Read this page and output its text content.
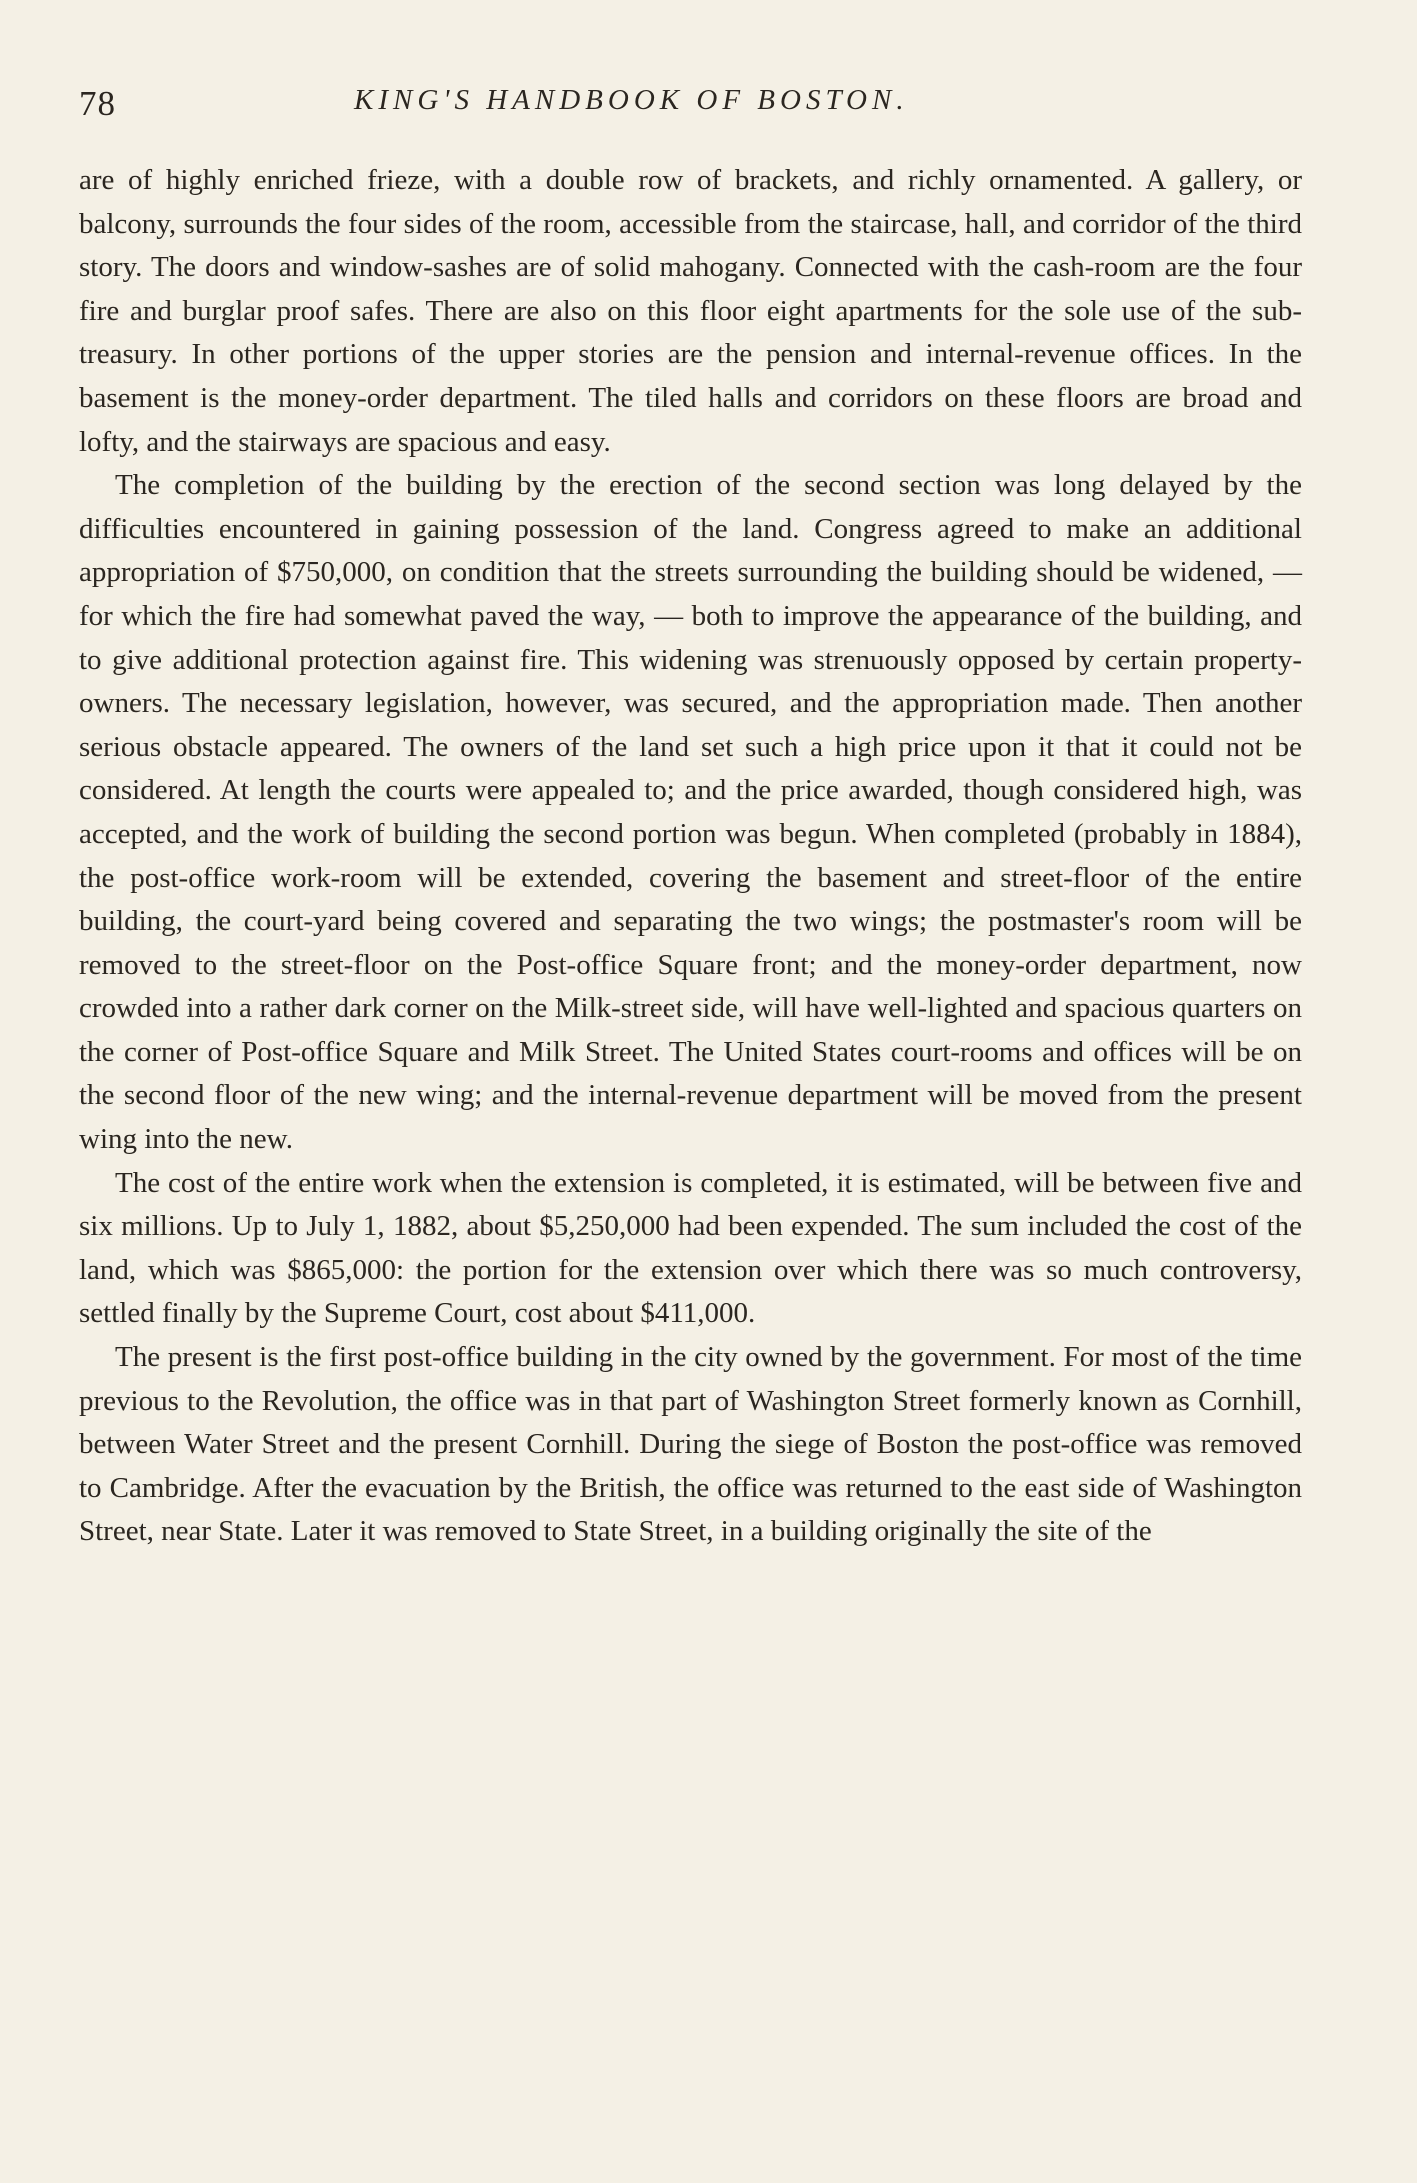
78	KING'S HANDBOOK OF BOSTON.

are of highly enriched frieze, with a double row of brackets, and richly ornamented. A gallery, or balcony, surrounds the four sides of the room, accessible from the staircase, hall, and corridor of the third story. The doors and window-sashes are of solid mahogany. Connected with the cash-room are the four fire and burglar proof safes. There are also on this floor eight apartments for the sole use of the sub-treasury. In other portions of the upper stories are the pension and internal-revenue offices. In the basement is the money-order department. The tiled halls and corridors on these floors are broad and lofty, and the stairways are spacious and easy.

The completion of the building by the erection of the second section was long delayed by the difficulties encountered in gaining possession of the land. Congress agreed to make an additional appropriation of $750,000, on condition that the streets surrounding the building should be widened, — for which the fire had somewhat paved the way, — both to improve the appearance of the building, and to give additional protection against fire. This widening was strenuously opposed by certain property-owners. The necessary legislation, however, was secured, and the appropriation made. Then another serious obstacle appeared. The owners of the land set such a high price upon it that it could not be considered. At length the courts were appealed to; and the price awarded, though considered high, was accepted, and the work of building the second portion was begun. When completed (probably in 1884), the post-office work-room will be extended, covering the basement and street-floor of the entire building, the court-yard being covered and separating the two wings; the postmaster's room will be removed to the street-floor on the Post-office Square front; and the money-order department, now crowded into a rather dark corner on the Milk-street side, will have well-lighted and spacious quarters on the corner of Post-office Square and Milk Street. The United States court-rooms and offices will be on the second floor of the new wing; and the internal-revenue department will be moved from the present wing into the new.

The cost of the entire work when the extension is completed, it is estimated, will be between five and six millions. Up to July 1, 1882, about $5,250,000 had been expended. The sum included the cost of the land, which was $865,000: the portion for the extension over which there was so much controversy, settled finally by the Supreme Court, cost about $411,000.

The present is the first post-office building in the city owned by the government. For most of the time previous to the Revolution, the office was in that part of Washington Street formerly known as Cornhill, between Water Street and the present Cornhill. During the siege of Boston the post-office was removed to Cambridge. After the evacuation by the British, the office was returned to the east side of Washington Street, near State. Later it was removed to State Street, in a building originally the site of the
